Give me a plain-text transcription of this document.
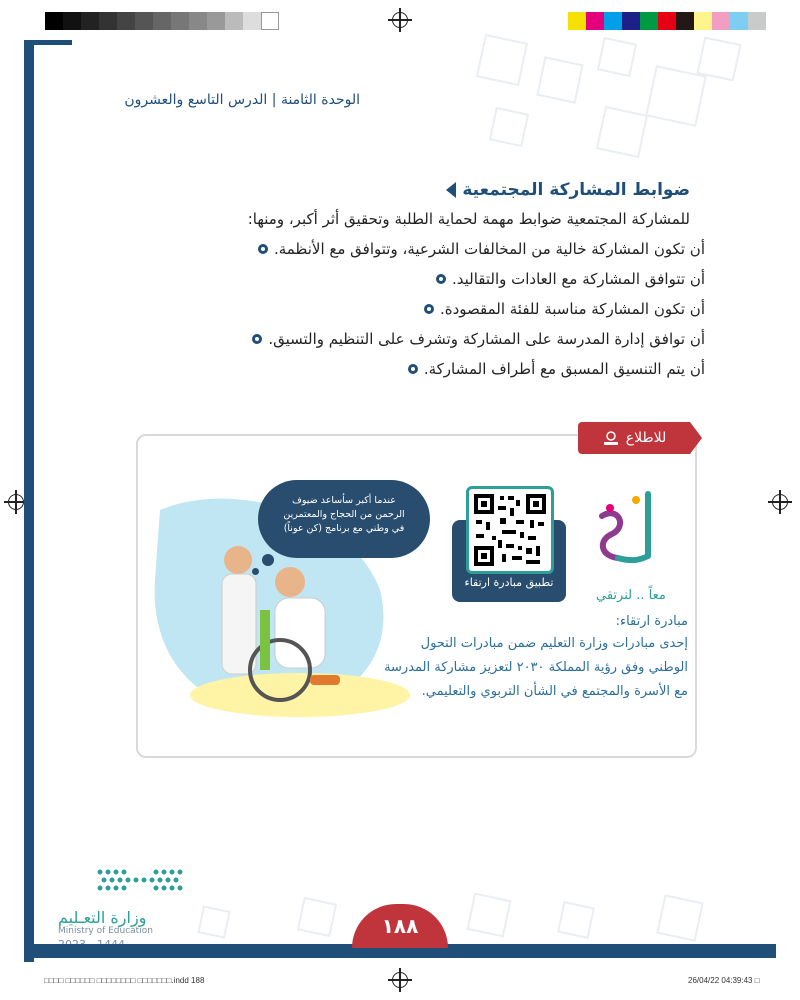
الوحدة الثامنة | الدرس التاسع والعشرون
ضوابط المشاركة المجتمعية
للمشاركة المجتمعية ضوابط مهمة لحماية الطلبة وتحقيق أثر أكبر، ومنها:
أن تكون المشاركة خالية من المخالفات الشرعية، وتتوافق مع الأنظمة.
أن تتوافق المشاركة مع العادات والتقاليد.
أن تكون المشاركة مناسبة للفئة المقصودة.
أن توافق إدارة المدرسة على المشاركة وتشرف على التنظيم والتسيق.
أن يتم التنسيق المسبق مع أطراف المشاركة.
للاطلاع
عندما أكبر سأساعد ضيوف
الرحمن من الحجاج والمعتمرين
في وطني مع برنامج (كن عوناً)
تطبيق مبادرة ارتقاء
معاً .. لنرتقي
مبادرة ارتقاء:
إحدى مبادرات وزارة التعليم ضمن مبادرات التحول
الوطني وفق رؤية المملكة ٢٠٣٠ لتعزيز مشاركة المدرسة
مع الأسرة والمجتمع في الشأن التربوي والتعليمي.
وزارة التعـليم
Ministry of Education	١٨٨
□□□□ □□□□□□ □□□□□□□□ □□□□□□□.indd 188	26/04/22 04:39:43 □
